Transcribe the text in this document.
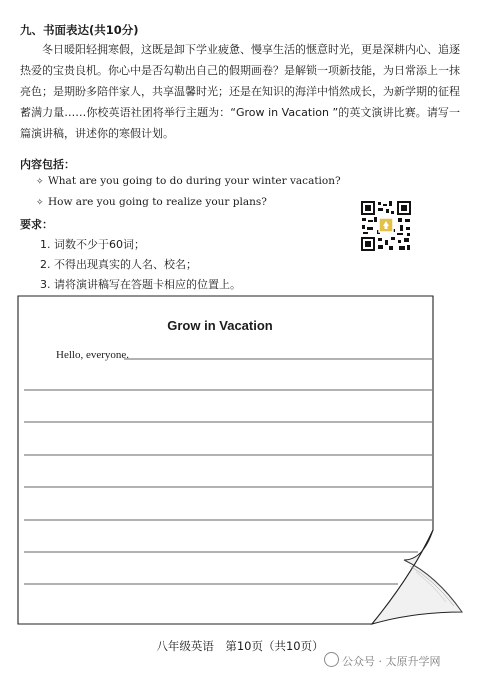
九、书面表达(共10分)

冬日暖阳轻拥寒假，这既是卸下学业疲惫、慢享生活的惬意时光，更是深耕内心、追逐热爱的宝贵良机。你心中是否勾勒出自己的假期画卷？是解锁一项新技能，为日常添上一抹亮色；是期盼多陪伴家人，共享温馨时光；还是在知识的海洋中悄然成长，为新学期的征程蓄满力量……你校英语社团将举行主题为：“Grow in Vacation ”的英文演讲比赛。请写一篇演讲稿，讲述你的寒假计划。

内容包括：
✧ What are you going to do during your winter vacation?
✧ How are you going to realize your plans?
要求：
1. 词数不少于60词；
2. 不得出现真实的人名、校名；
3. 请将演讲稿写在答题卡相应的位置上。
Grow in Vacation
Hello, everyone.
八年级英语　第10页（共10页）
公众号 · 太原升学网
